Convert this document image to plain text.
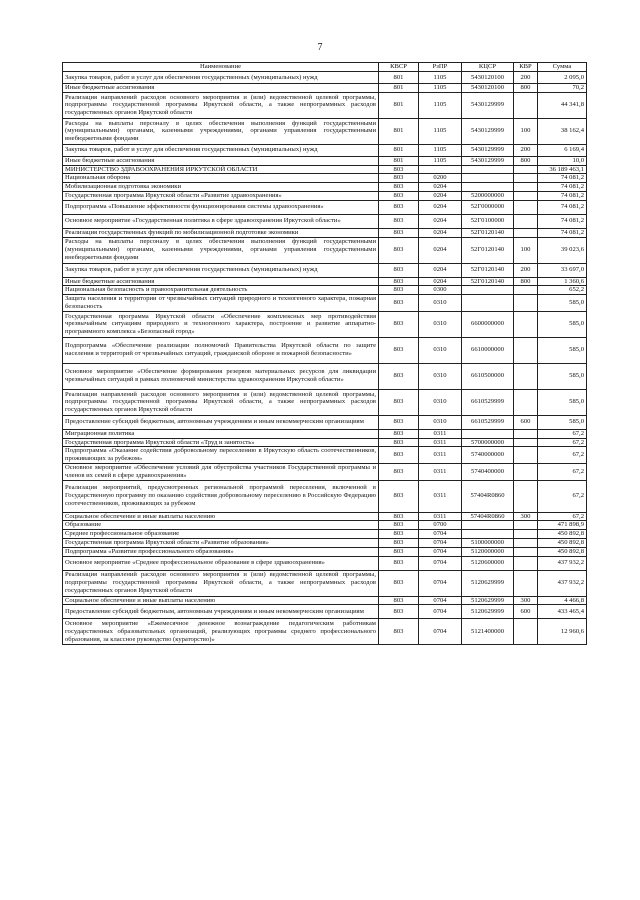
7
Наименование	КВСР	РзПР	КЦСР	КВР	Сумма
Закупка товаров, работ и услуг для обеспечения государственных (муниципальных) нужд	801	1105	5430120100	200	2 095,0
Иные бюджетные ассигнования	801	1105	5430120100	800	70,2
Реализация направлений расходов основного мероприятия и (или) ведомственной целевой программы, подпрограммы государственной программы Иркутской области, а также непрограммных расходов государственных органов Иркутской области	801	1105	5430129999		44 341,8
Расходы на выплаты персоналу в целях обеспечения выполнения функций государственными (муниципальными) органами, казенными учреждениями, органами управления государственными внебюджетными фондами	801	1105	5430129999	100	38 162,4
Закупка товаров, работ и услуг для обеспечения государственных (муниципальных) нужд	801	1105	5430129999	200	6 169,4
Иные бюджетные ассигнования	801	1105	5430129999	800	10,0
МИНИСТЕРСТВО ЗДРАВООХРАНЕНИЯ ИРКУТСКОЙ ОБЛАСТИ	803				36 189 463,1
Национальная оборона	803	0200			74 081,2
Мобилизационная подготовка экономики	803	0204			74 081,2
Государственная программа Иркутской области «Развитие здравоохранения»	803	0204	5200000000		74 081,2
Подпрограмма «Повышение эффективности функционирования системы здравоохранения»	803	0204	52Г0000000		74 081,2
Основное мероприятие «Государственная политика в сфере здравоохранения Иркутской области»	803	0204	52Г0100000		74 081,2
Реализация государственных функций по мобилизационной подготовке экономики	803	0204	52Г0120140		74 081,2
Расходы на выплаты персоналу в целях обеспечения выполнения функций государственными (муниципальными) органами, казенными учреждениями, органами управления государственными внебюджетными фондами	803	0204	52Г0120140	100	39 023,6
Закупка товаров, работ и услуг для обеспечения государственных (муниципальных) нужд	803	0204	52Г0120140	200	33 697,0
Иные бюджетные ассигнования	803	0204	52Г0120140	800	1 360,6
Национальная безопасность и правоохранительная деятельность	803	0300			652,2
Защита населения и территории от чрезвычайных ситуаций природного и техногенного характера, пожарная безопасность	803	0310			585,0
Государственная программа Иркутской области «Обеспечение комплексных мер противодействия чрезвычайным ситуациям природного и техногенного характера, построение и развитие аппаратно-программного комплекса «Безопасный город»	803	0310	6600000000		585,0
Подпрограмма «Обеспечение реализации полномочий Правительства Иркутской области по защите населения и территорий от чрезвычайных ситуаций, гражданской обороне и пожарной безопасности»	803	0310	6610000000		585,0
Основное мероприятие «Обеспечение формирования резервов материальных ресурсов для ликвидации чрезвычайных ситуаций в рамках полномочий министерства здравоохранения Иркутской области»	803	0310	6610500000		585,0
Реализация направлений расходов основного мероприятия и (или) ведомственной целевой программы, подпрограммы государственной программы Иркутской области, а также непрограммных расходов государственных органов Иркутской области	803	0310	6610529999		585,0
Предоставление субсидий бюджетным, автономным учреждениям и иным некоммерческим организациям	803	0310	6610529999	600	585,0
Миграционная политика	803	0311			67,2
Государственная программа Иркутской области «Труд и занятость»	803	0311	5700000000		67,2
Подпрограмма «Оказание содействия добровольному переселению в Иркутскую область соотечественников, проживающих за рубежом»	803	0311	5740000000		67,2
Основное мероприятие «Обеспечение условий для обустройства участников Государственной программы и членов их семей в сфере здравоохранения»	803	0311	5740400000		67,2
Реализация мероприятий, предусмотренных региональной программой переселения, включенной в Государственную программу по оказанию содействия добровольному переселению в Российскую Федерацию соотечественников, проживающих за рубежом	803	0311	57404R0860		67,2
Социальное обеспечение и иные выплаты населению	803	0311	57404R0860	300	67,2
Образование	803	0700			471 898,9
Среднее профессиональное образование	803	0704			450 892,8
Государственная программа Иркутской области «Развитие образования»	803	0704	5100000000		450 892,8
Подпрограмма «Развитие профессионального образования»	803	0704	5120000000		450 892,8
Основное мероприятие «Среднее профессиональное образование в сфере здравоохранения»	803	0704	5120600000		437 932,2
Реализация направлений расходов основного мероприятия и (или) ведомственной целевой программы, подпрограммы государственной программы Иркутской области, а также непрограммных расходов государственных органов Иркутской области	803	0704	5120629999		437 932,2
Социальное обеспечение и иные выплаты населению	803	0704	5120629999	300	4 466,8
Предоставление субсидий бюджетным, автономным учреждениям и иным некоммерческим организациям	803	0704	5120629999	600	433 465,4
Основное мероприятие «Ежемесячное денежное вознаграждение педагогическим работникам государственных образовательных организаций, реализующих программы среднего профессионального образования, за классное руководство (кураторство)»	803	0704	5121400000		12 960,6
